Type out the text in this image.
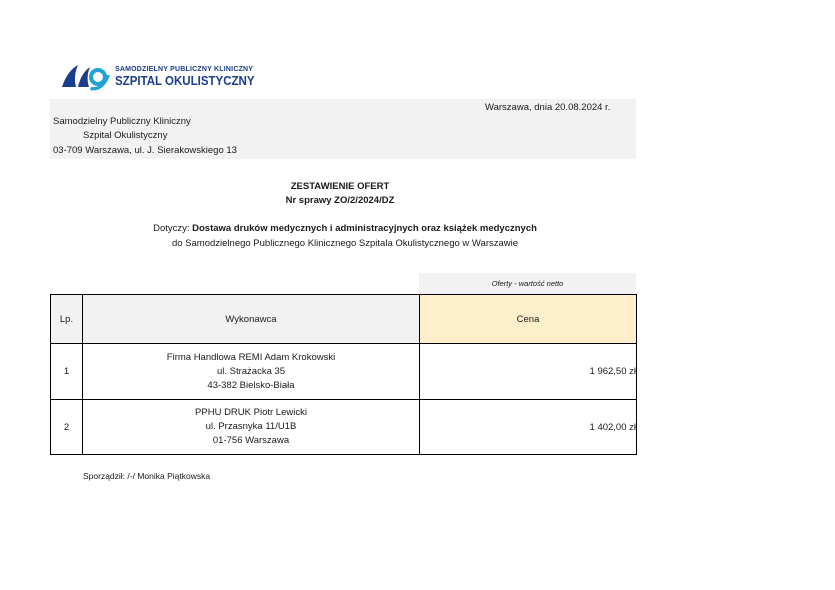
SAMODZIELNY PUBLICZNY KLINICZNY
SZPITAL OKULISTYCZNY
Warszawa, dnia 20.08.2024 r.
Samodzielny Publiczny Kliniczny
Szpital Okulistyczny
03-709 Warszawa, ul. J. Sierakowskiego 13
ZESTAWIENIE OFERT
Nr sprawy ZO/2/2024/DZ
Dotyczy: Dostawa druków medycznych i administracyjnych oraz książek medycznych
do Samodzielnego Publicznego Klinicznego Szpitala Okulistycznego w Warszawie
Oferty - wartość netto
Lp.	Wykonawca	Cena
1	Firma Handlowa REMI Adam Krokowski
ul. Strażacka 35
43-382 Bielsko-Biała	1 962,50 zł
2	PPHU DRUK Piotr Lewicki
ul. Przasnyka 11/U1B
01-756 Warszawa	1 402,00 zł
Sporządził: /-/ Monika Piątkowska
